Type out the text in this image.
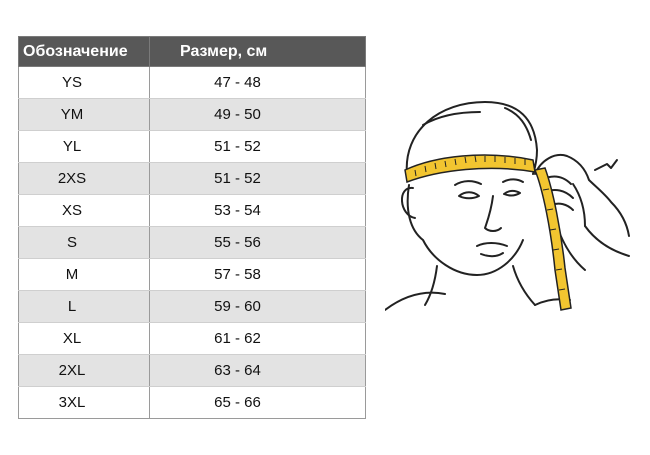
Обозначение	Размер, см
YS	47 - 48
YM	49 - 50
YL	51 - 52
2XS	51 - 52
XS	53 - 54
S	55 - 56
M	57 - 58
L	59 - 60
XL	61 - 62
2XL	63 - 64
3XL	65 - 66
